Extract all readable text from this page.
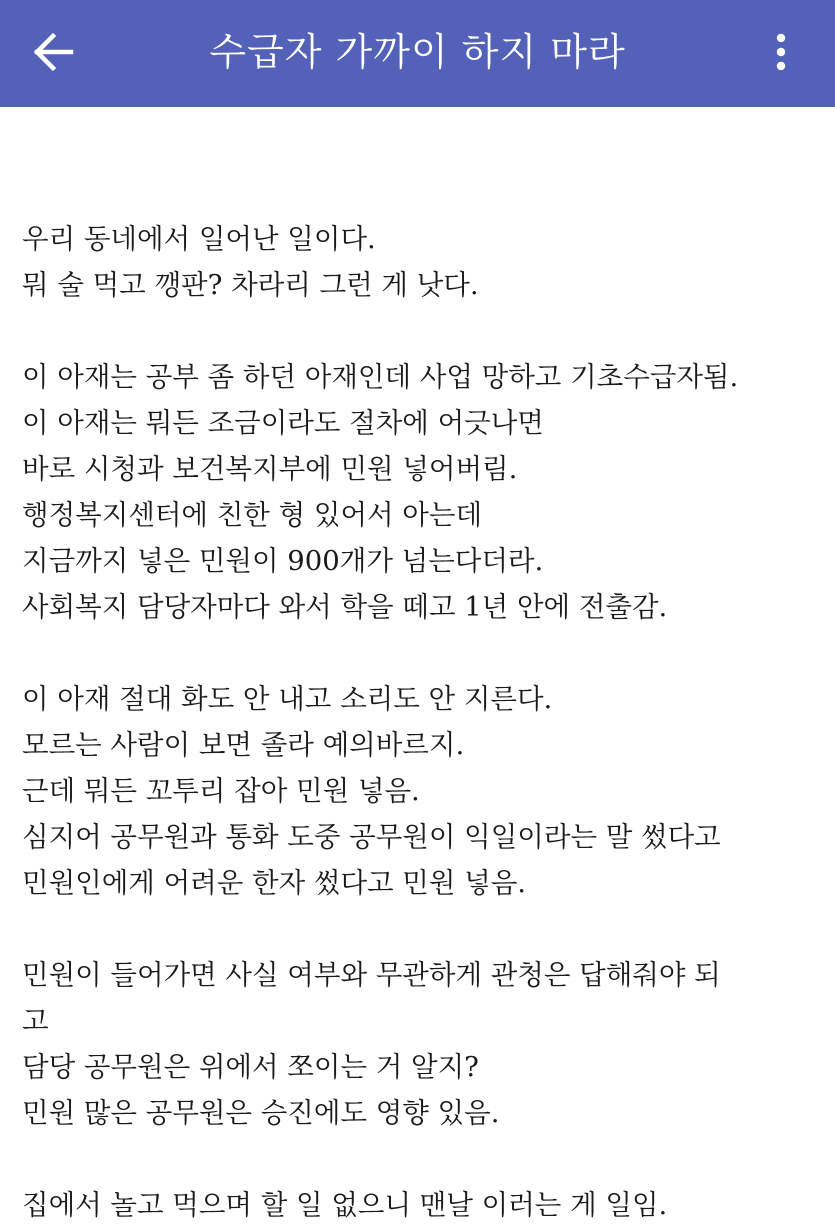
수급자 가까이 하지 마라
우리 동네에서 일어난 일이다.
뭐 술 먹고 깽판? 차라리 그런 게 낫다.
이 아재는 공부 좀 하던 아재인데 사업 망하고 기초수급자됨.
이 아재는 뭐든 조금이라도 절차에 어긋나면
바로 시청과 보건복지부에 민원 넣어버림.
행정복지센터에 친한 형 있어서 아는데
지금까지 넣은 민원이 900개가 넘는다더라.
사회복지 담당자마다 와서 학을 떼고 1년 안에 전출감.
이 아재 절대 화도 안 내고 소리도 안 지른다.
모르는 사람이 보면 졸라 예의바르지.
근데 뭐든 꼬투리 잡아 민원 넣음.
심지어 공무원과 통화 도중 공무원이 익일이라는 말 썼다고
민원인에게 어려운 한자 썼다고 민원 넣음.
민원이 들어가면 사실 여부와 무관하게 관청은 답해줘야 되
고
담당 공무원은 위에서 쪼이는 거 알지?
민원 많은 공무원은 승진에도 영향 있음.
집에서 놀고 먹으며 할 일 없으니 맨날 이러는 게 일임.
